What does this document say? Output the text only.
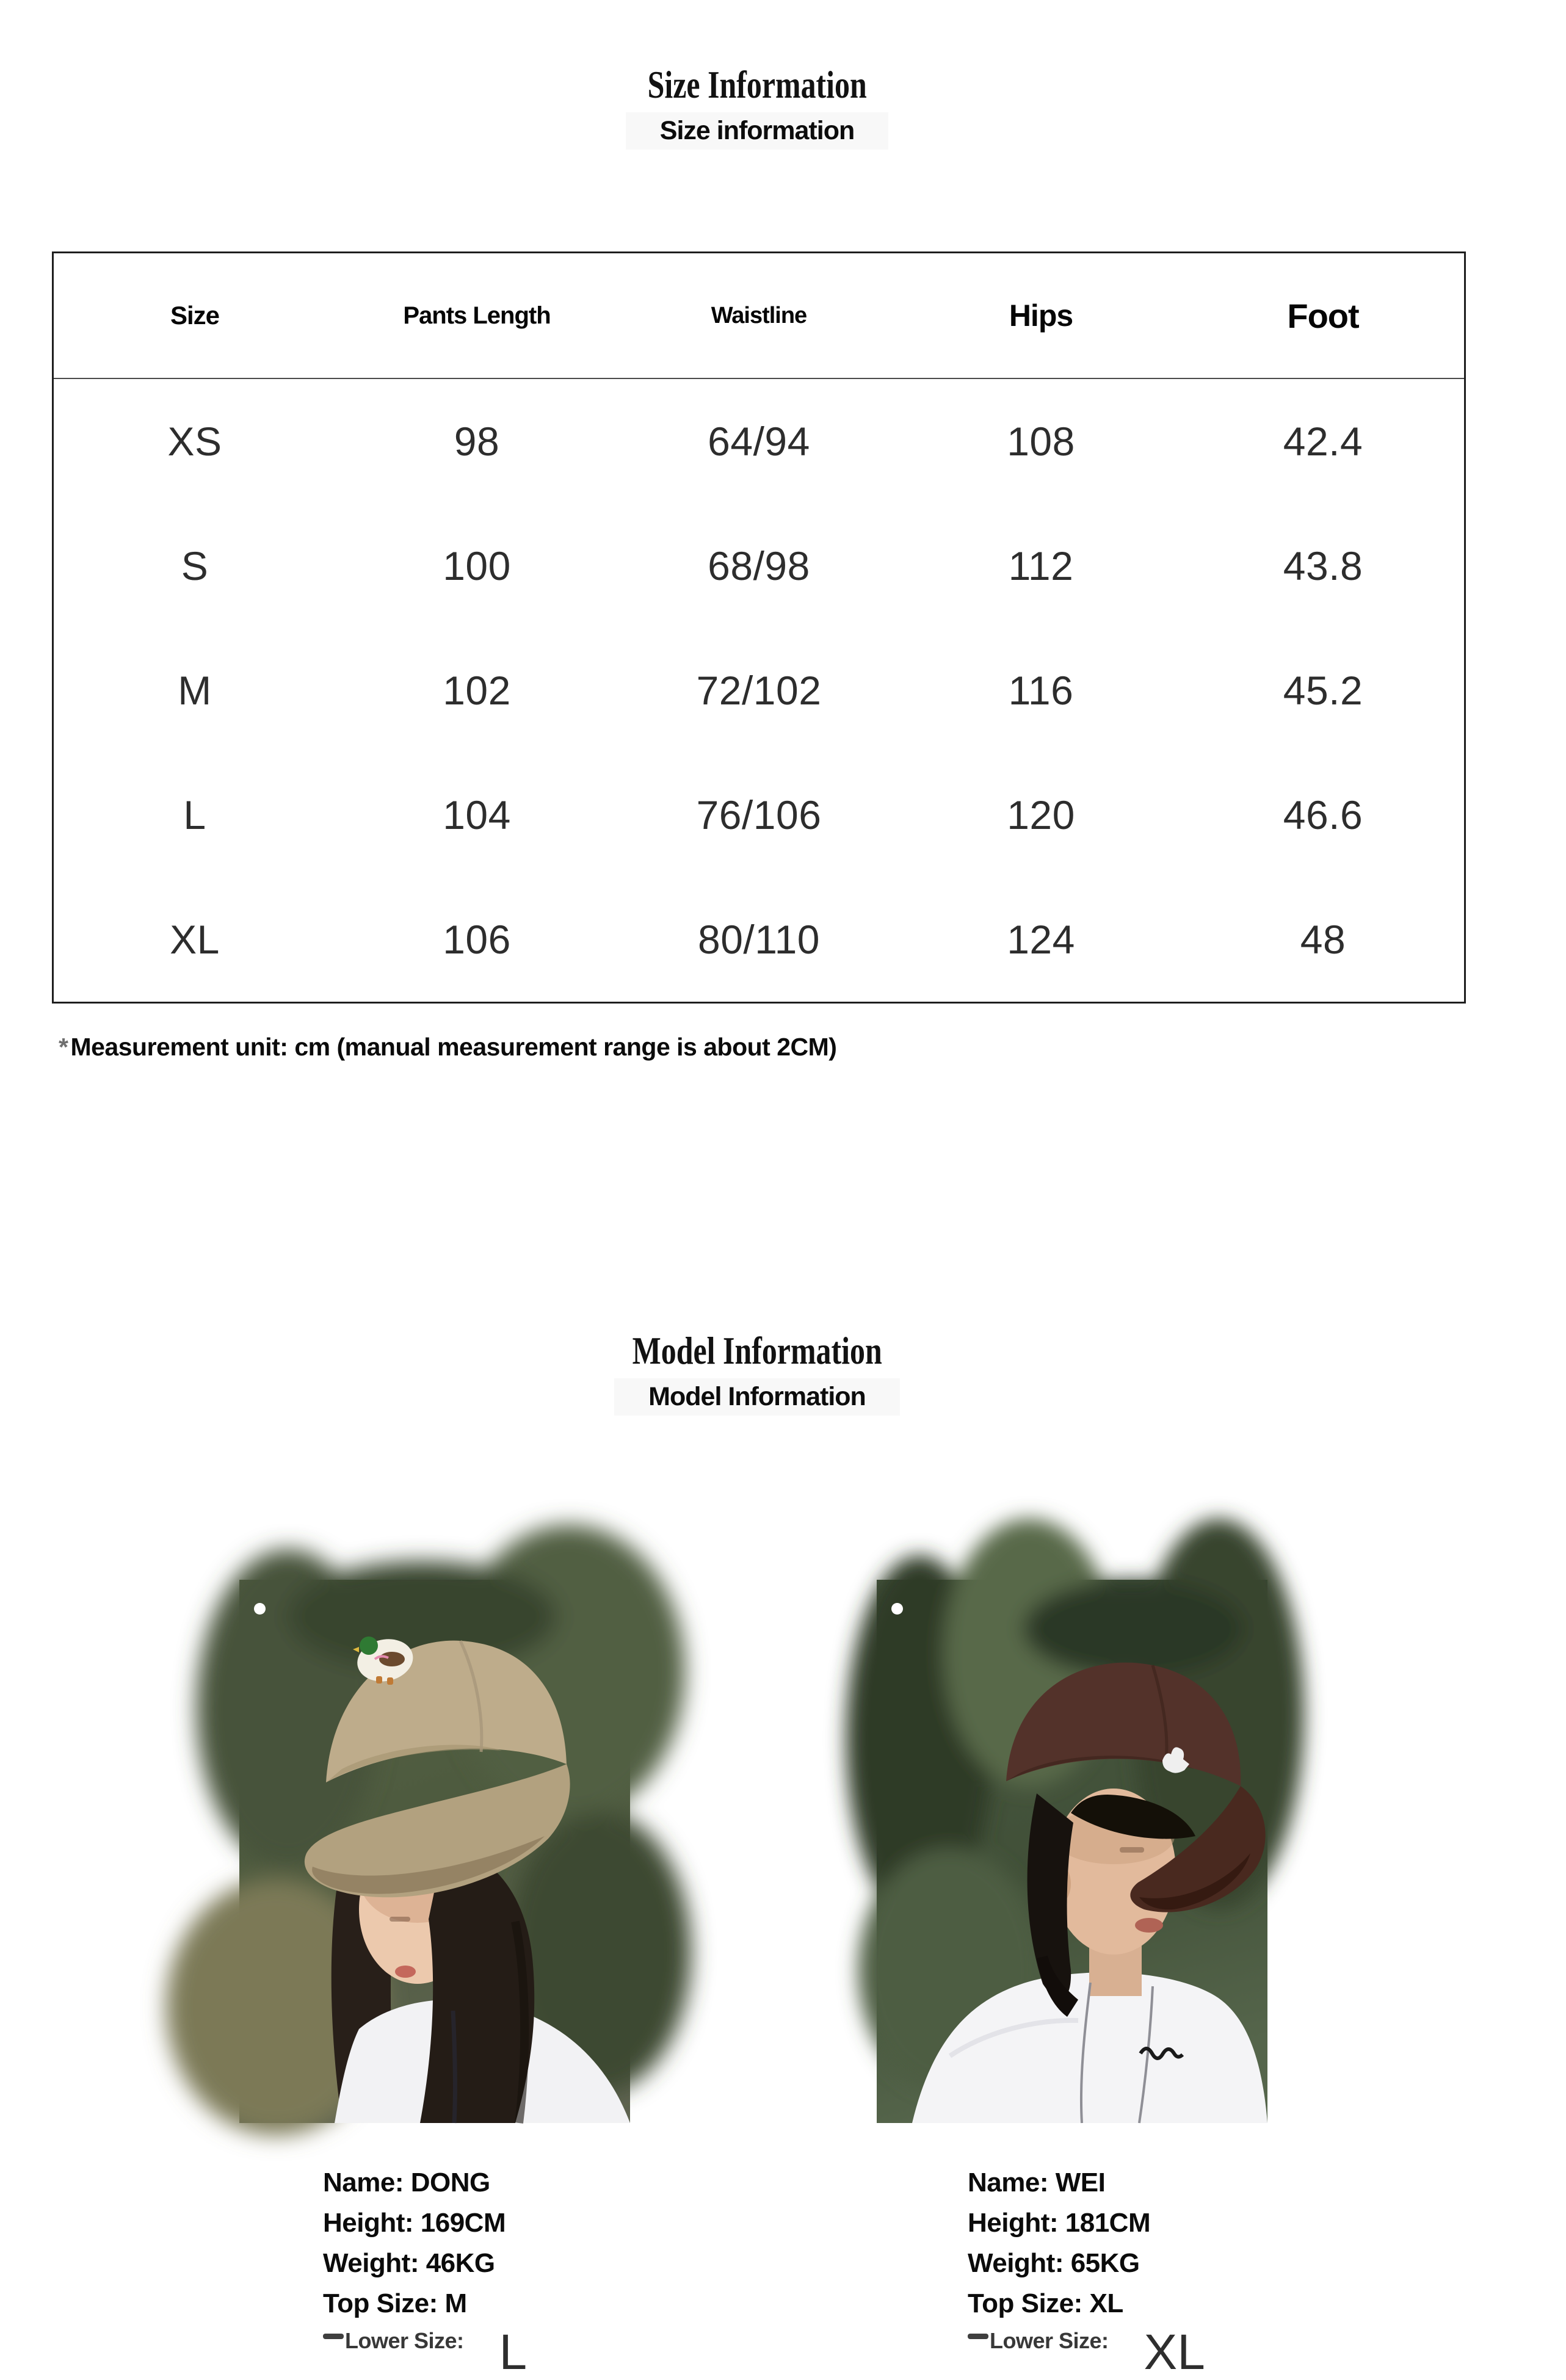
Size Information
Size information
Size	Pants Length	Waistline	Hips	Foot
XS	98	64/94	108	42.4
S	100	68/98	112	43.8
M	102	72/102	116	45.2
L	104	76/106	120	46.6
XL	106	80/110	124	48

*Measurement unit: cm (manual measurement range is about 2CM)

Model Information
Model Information
Name: DONG
Height: 169CM
Weight: 46KG
Top Size: M
Lower Size: L
Name: WEI
Height: 181CM
Weight: 65KG
Top Size: XL
Lower Size: XL
